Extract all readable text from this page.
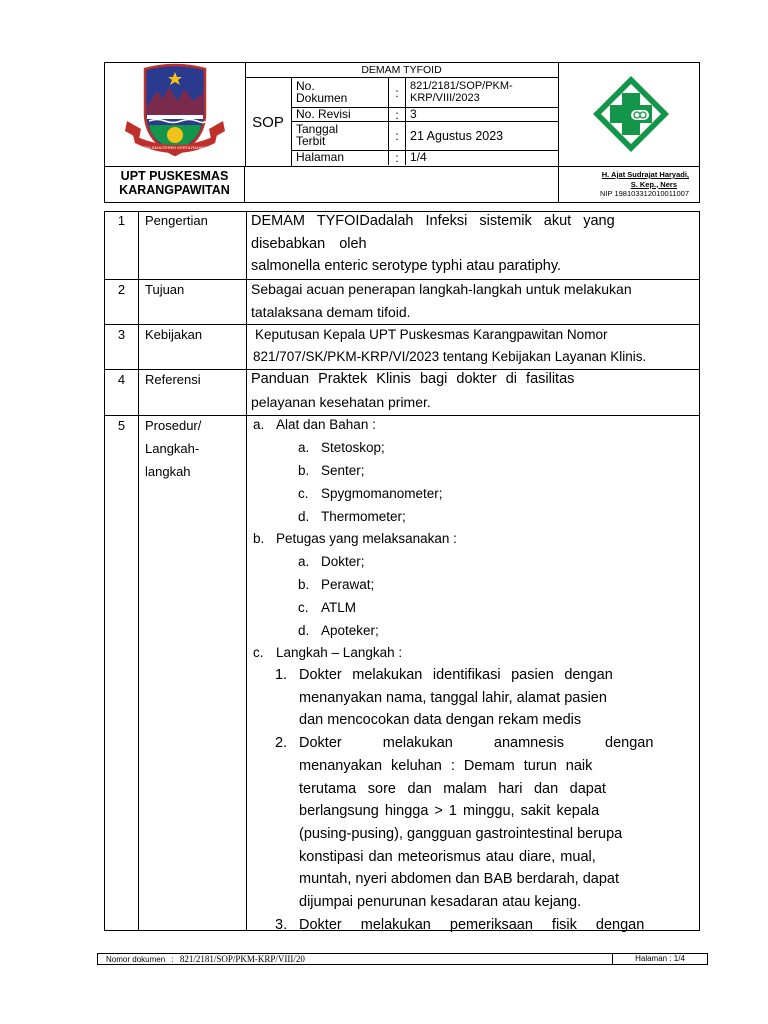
SEBA SAHUTEREH KERTA RAHARJA
UPT PUSKESMAS
KARANGPAWITAN
DEMAM TYFOID
SOP
No.
Dokumen	:	821/2181/SOP/PKM-
KRP/VIII/2023
No. Revisi	: 3
Tanggal
Terbit	: 21 Agustus 2023
Halaman	: 1/4
H. Ajat Sudrajat Haryadi,
S. Kep., Ners
NIP 198103312010011007
1	Pengertian	DEMAM TYFOIDadalah Infeksi sistemik akut yang
disebabkan oleh
salmonella enteric serotype typhi atau paratiphy.
2	Tujuan	Sebagai acuan penerapan langkah-langkah untuk melakukan
tatalaksana demam tifoid.
3	Kebijakan	Keputusan Kepala UPT Puskesmas Karangpawitan Nomor
821/707/SK/PKM-KRP/VI/2023 tentang Kebijakan Layanan Klinis.
4	Referensi	Panduan Praktek Klinis bagi dokter di fasilitas
pelayanan kesehatan primer.
5	Prosedur/
Langkah-
langkah
a. Alat dan Bahan :
a. Stetoskop;
b. Senter;
c. Spygmomanometer;
d. Thermometer;
b. Petugas yang melaksanakan :
a. Dokter;
b. Perawat;
c. ATLM
d. Apoteker;
c. Langkah – Langkah :
1. Dokter melakukan identifikasi pasien dengan
menanyakan nama, tanggal lahir, alamat pasien
dan mencocokan data dengan rekam medis
2. Dokter melakukan anamnesis dengan
menanyakan keluhan : Demam turun naik
terutama sore dan malam hari dan dapat
berlangsung hingga > 1 minggu, sakit kepala
(pusing-pusing), gangguan gastrointestinal berupa
konstipasi dan meteorismus atau diare, mual,
muntah, nyeri abdomen dan BAB berdarah, dapat
dijumpai penurunan kesadaran atau kejang.
3. Dokter melakukan pemeriksaan fisik dengan
Nomor dokumen : 821/2181/SOP/PKM-KRP/VIII/20	Halaman : 1/4
